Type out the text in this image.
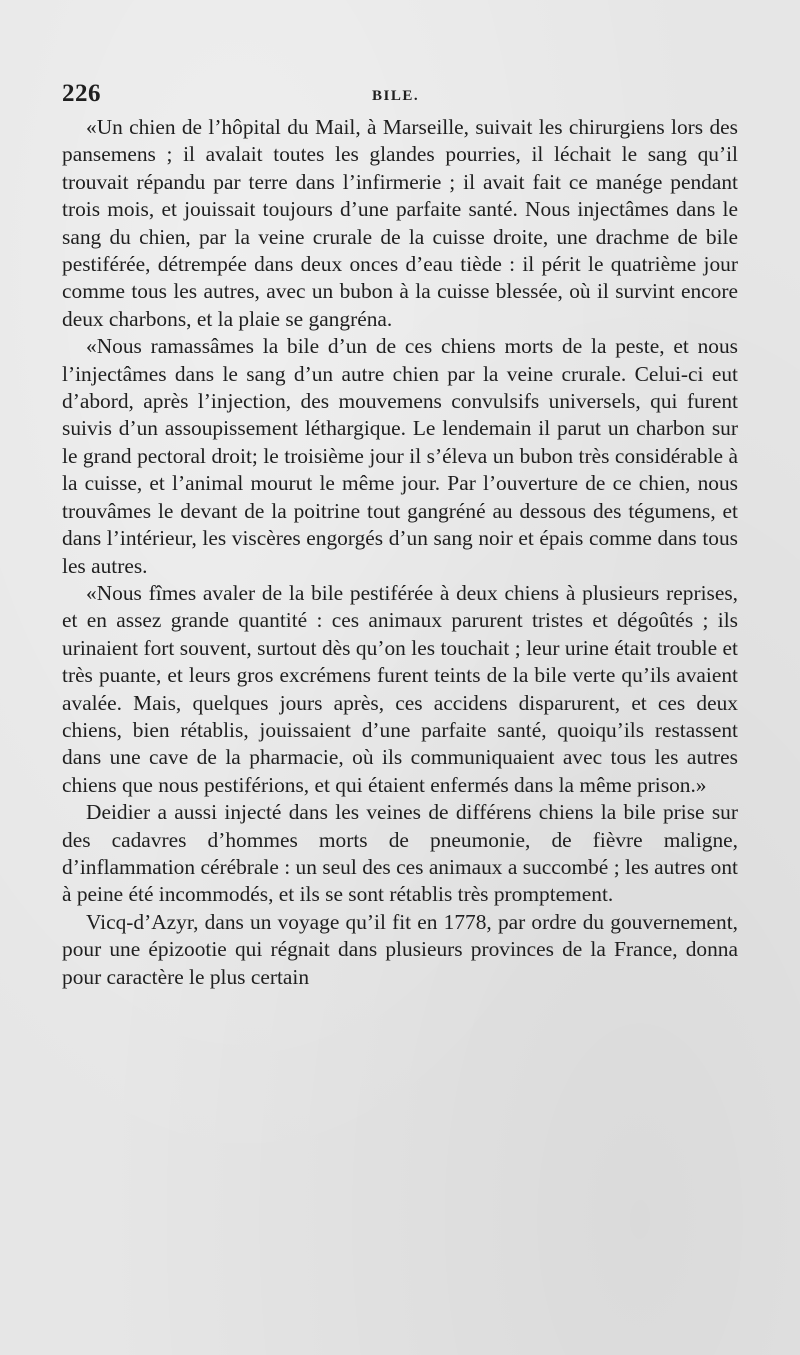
226	BILE.

«Un chien de l’hôpital du Mail, à Marseille, suivait les chirurgiens lors des pansemens ; il avalait toutes les glandes pourries, il léchait le sang qu’il trouvait répandu par terre dans l’infirmerie ; il avait fait ce manége pendant trois mois, et jouissait toujours d’une parfaite santé. Nous injectâmes dans le sang du chien, par la veine crurale de la cuisse droite, une drachme de bile pestiférée, détrempée dans deux onces d’eau tiède : il périt le quatrième jour comme tous les autres, avec un bubon à la cuisse blessée, où il survint encore deux charbons, et la plaie se gangréna.

«Nous ramassâmes la bile d’un de ces chiens morts de la peste, et nous l’injectâmes dans le sang d’un autre chien par la veine crurale. Celui-ci eut d’abord, après l’injection, des mouvemens convulsifs universels, qui furent suivis d’un assoupissement léthargique. Le lendemain il parut un charbon sur le grand pectoral droit; le troisième jour il s’éleva un bubon très considérable à la cuisse, et l’animal mourut le même jour. Par l’ouverture de ce chien, nous trouvâmes le devant de la poitrine tout gangréné au dessous des tégumens, et dans l’intérieur, les viscères engorgés d’un sang noir et épais comme dans tous les autres.

«Nous fîmes avaler de la bile pestiférée à deux chiens à plusieurs reprises, et en assez grande quantité : ces animaux parurent tristes et dégoûtés ; ils urinaient fort souvent, surtout dès qu’on les touchait ; leur urine était trouble et très puante, et leurs gros excrémens furent teints de la bile verte qu’ils avaient avalée. Mais, quelques jours après, ces accidens disparurent, et ces deux chiens, bien rétablis, jouissaient d’une parfaite santé, quoiqu’ils restassent dans une cave de la pharmacie, où ils communiquaient avec tous les autres chiens que nous pestiférions, et qui étaient enfermés dans la même prison.»

Deidier a aussi injecté dans les veines de différens chiens la bile prise sur des cadavres d’hommes morts de pneumonie, de fièvre maligne, d’inflammation cérébrale : un seul des ces animaux a succombé ; les autres ont à peine été incommodés, et ils se sont rétablis très promptement.

Vicq-d’Azyr, dans un voyage qu’il fit en 1778, par ordre du gouvernement, pour une épizootie qui régnait dans plusieurs provinces de la France, donna pour caractère le plus certain
